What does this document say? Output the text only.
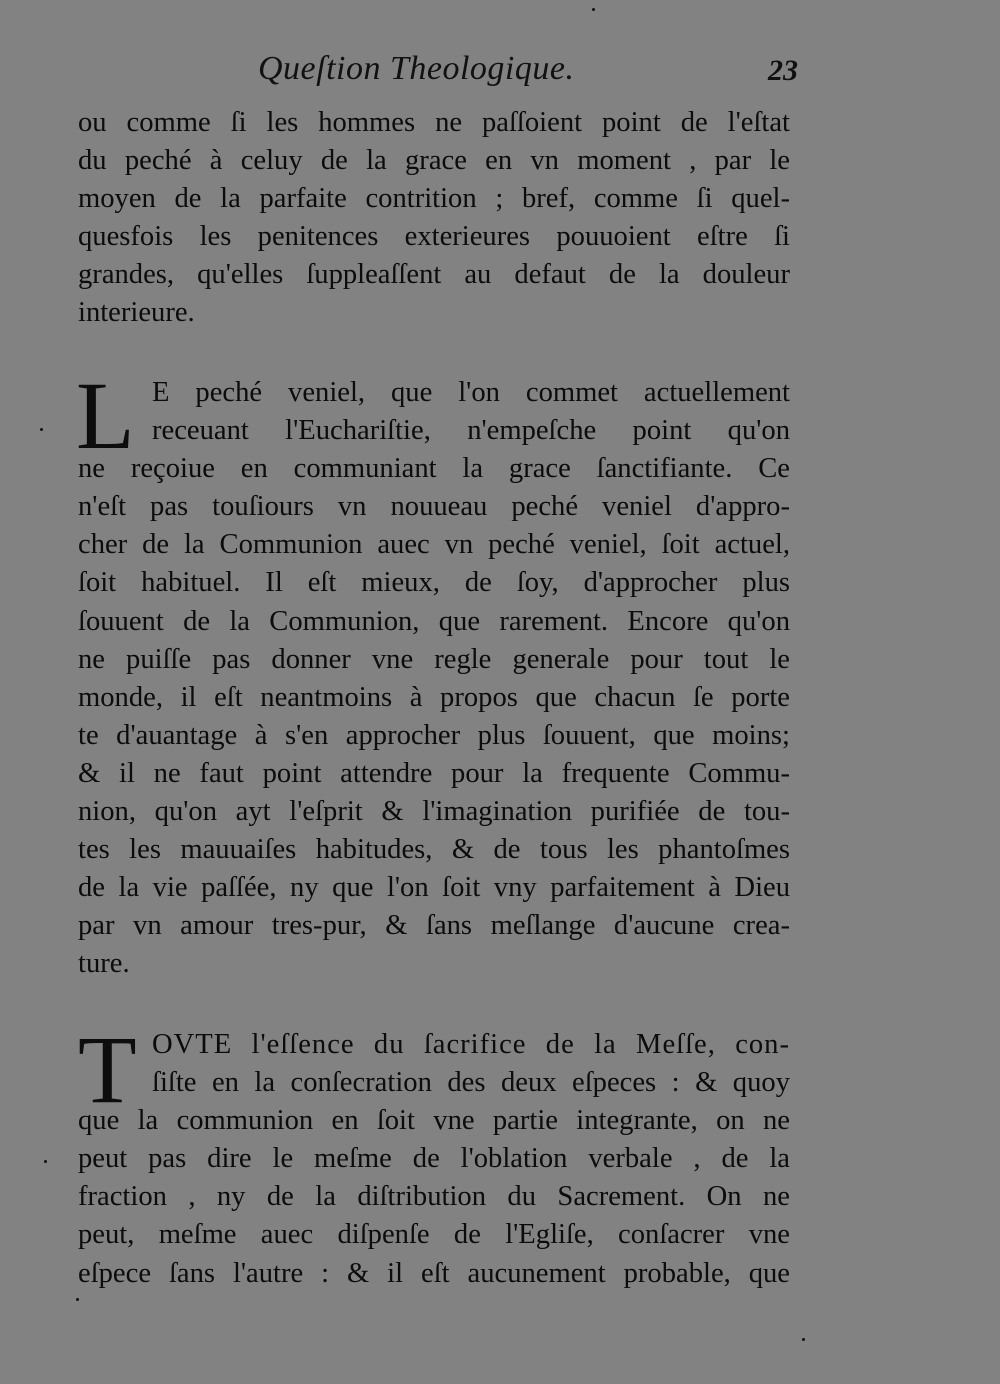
Queſtion Theologique.	23
ou comme ſi les hommes ne paſſoient point de l'eſtat
du peché à celuy de la grace en vn moment , par le
moyen de la parfaite contrition ; bref, comme ſi quel-
quesfois les penitences exterieures pouuoient eſtre ſi
grandes, qu'elles ſuppleaſſent au defaut de la douleur
interieure.
L E peché veniel, que l'on commet actuellement
receuant l'Euchariſtie, n'empeſche point qu'on
ne reçoiue en communiant la grace ſanctifiante. Ce
n'eſt pas touſiours vn nouueau peché veniel d'appro-
cher de la Communion auec vn peché veniel, ſoit actuel,
ſoit habituel. Il eſt mieux, de ſoy, d'approcher plus
ſouuent de la Communion, que rarement. Encore qu'on
ne puiſſe pas donner vne regle generale pour tout le
monde, il eſt neantmoins à propos que chacun ſe porte
te d'auantage à s'en approcher plus ſouuent, que moins;
& il ne faut point attendre pour la frequente Commu-
nion, qu'on ayt l'eſprit & l'imagination purifiée de tou-
tes les mauuaiſes habitudes, & de tous les phantoſmes
de la vie paſſée, ny que l'on ſoit vny parfaitement à Dieu
par vn amour tres-pur, & ſans meſlange d'aucune crea-
ture.
T OVTE l'eſſence du ſacrifice de la Meſſe, con-
ſiſte en la conſecration des deux eſpeces : & quoy
que la communion en ſoit vne partie integrante, on ne
peut pas dire le meſme de l'oblation verbale , de la
fraction , ny de la diſtribution du Sacrement. On ne
peut, meſme auec diſpenſe de l'Egliſe, conſacrer vne
eſpece ſans l'autre : & il eſt aucunement probable, que
